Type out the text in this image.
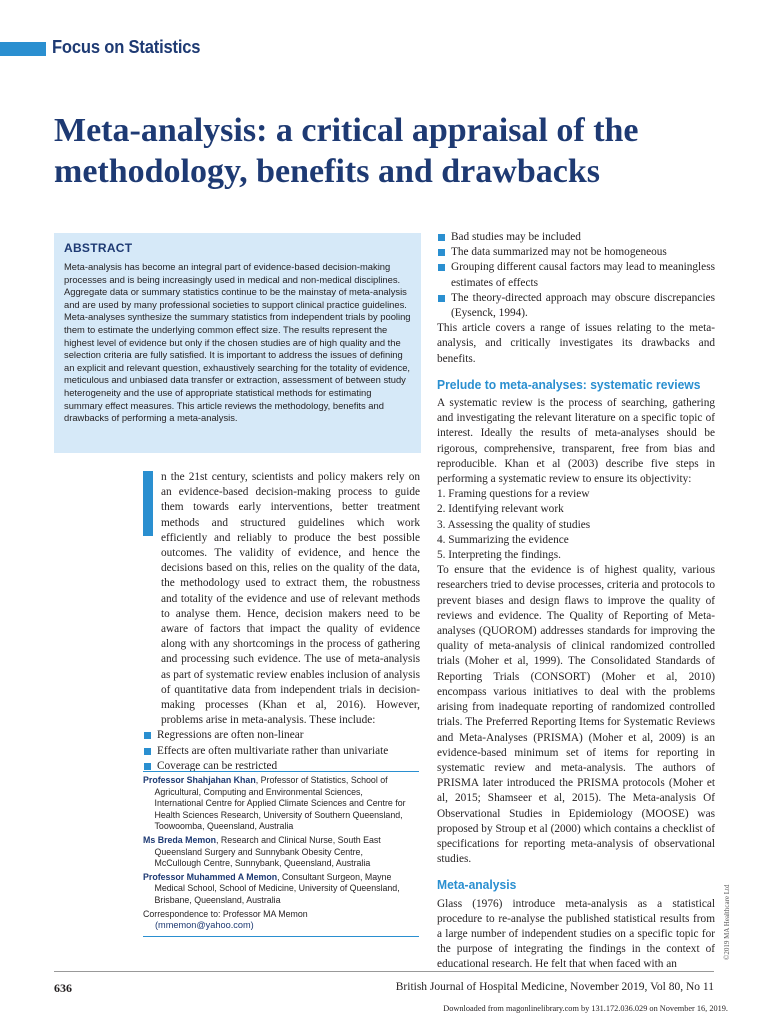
Focus on Statistics
Meta-analysis: a critical appraisal of the methodology, benefits and drawbacks
ABSTRACT

Meta-analysis has become an integral part of evidence-based decision-making processes and is being increasingly used in medical and non-medical disciplines. Aggregate data or summary statistics continue to be the mainstay of meta-analysis and are used by many professional societies to support clinical practice guidelines. Meta-analyses synthesize the summary statistics from independent trials by pooling them to estimate the underlying common effect size. The results represent the highest level of evidence but only if the chosen studies are of high quality and the selection criteria are fully satisfied. It is important to address the issues of defining an explicit and relevant question, exhaustively searching for the totality of evidence, meticulous and unbiased data transfer or extraction, assessment of between study heterogeneity and the use of appropriate statistical methods for estimating summary effect measures. This article reviews the methodology, benefits and drawbacks of performing a meta-analysis.

n the 21st century, scientists and policy makers rely on an evidence-based decision-making process to guide them towards early interventions, better treatment methods and structured guidelines which work efficiently and reliably to produce the best possible outcomes. The validity of evidence, and hence the decisions based on this, relies on the quality of the data, the methodology used to extract them, the robustness and totality of the evidence and use of relevant methods to analyse them. Hence, decision makers need to be aware of factors that impact the quality of evidence along with any shortcomings in the process of gathering and processing such evidence. The use of meta-analysis as part of systematic review enables inclusion of analysis of quantitative data from independent trials in decision-making processes (Khan et al, 2016). However, problems arise in meta-analysis. These include:

Regressions are often non-linear
Effects are often multivariate rather than univariate
Coverage can be restricted
Professor Shahjahan Khan, Professor of Statistics, School of Agricultural, Computing and Environmental Sciences, International Centre for Applied Climate Sciences and Centre for Health Sciences Research, University of Southern Queensland, Toowoomba, Queensland, Australia
Ms Breda Memon, Research and Clinical Nurse, South East Queensland Surgery and Sunnybank Obesity Centre, McCullough Centre, Sunnybank, Queensland, Australia
Professor Muhammed A Memon, Consultant Surgeon, Mayne Medical School, School of Medicine, University of Queensland, Brisbane, Queensland, Australia
Correspondence to: Professor MA Memon
(mmemon@yahoo.com)
Bad studies may be included
The data summarized may not be homogeneous
Grouping different causal factors may lead to meaningless estimates of effects
The theory-directed approach may obscure discrepancies (Eysenck, 1994).

This article covers a range of issues relating to the meta-analysis, and critically investigates its drawbacks and benefits.

Prelude to meta-analyses: systematic reviews

A systematic review is the process of searching, gathering and investigating the relevant literature on a specific topic of interest. Ideally the results of meta-analyses should be rigorous, comprehensive, transparent, free from bias and reproducible. Khan et al (2003) describe five steps in performing a systematic review to ensure its objectivity:

1. Framing questions for a review
2. Identifying relevant work
3. Assessing the quality of studies
4. Summarizing the evidence
5. Interpreting the findings.

To ensure that the evidence is of highest quality, various researchers tried to devise processes, criteria and protocols to prevent biases and design flaws to improve the quality of reviews and evidence. The Quality of Reporting of Meta-analyses (QUOROM) addresses standards for improving the quality of meta-analysis of clinical randomized controlled trials (Moher et al, 1999). The Consolidated Standards of Reporting Trials (CONSORT) (Moher et al, 2010) encompass various initiatives to deal with the problems arising from inadequate reporting of randomized controlled trials. The Preferred Reporting Items for Systematic Reviews and Meta-Analyses (PRISMA) (Moher et al, 2009) is an evidence-based minimum set of items for reporting in systematic review and meta-analysis. The authors of PRISMA later introduced the PRISMA protocols (Moher et al, 2015; Shamseer et al, 2015). The Meta-analysis Of Observational Studies in Epidemiology (MOOSE) was proposed by Stroup et al (2000) which contains a checklist of specifications for reporting meta-analysis of observational studies.

Meta-analysis

Glass (1976) introduce meta-analysis as a statistical procedure to re-analyse the published statistical results from a large number of independent studies on a specific topic for the purpose of integrating the findings in the context of educational research. He felt that when faced with an

©2019 MA Healthcare Ltd
636	British Journal of Hospital Medicine, November 2019, Vol 80, No 11
Downloaded from magonlinelibrary.com by 131.172.036.029 on November 16, 2019.
